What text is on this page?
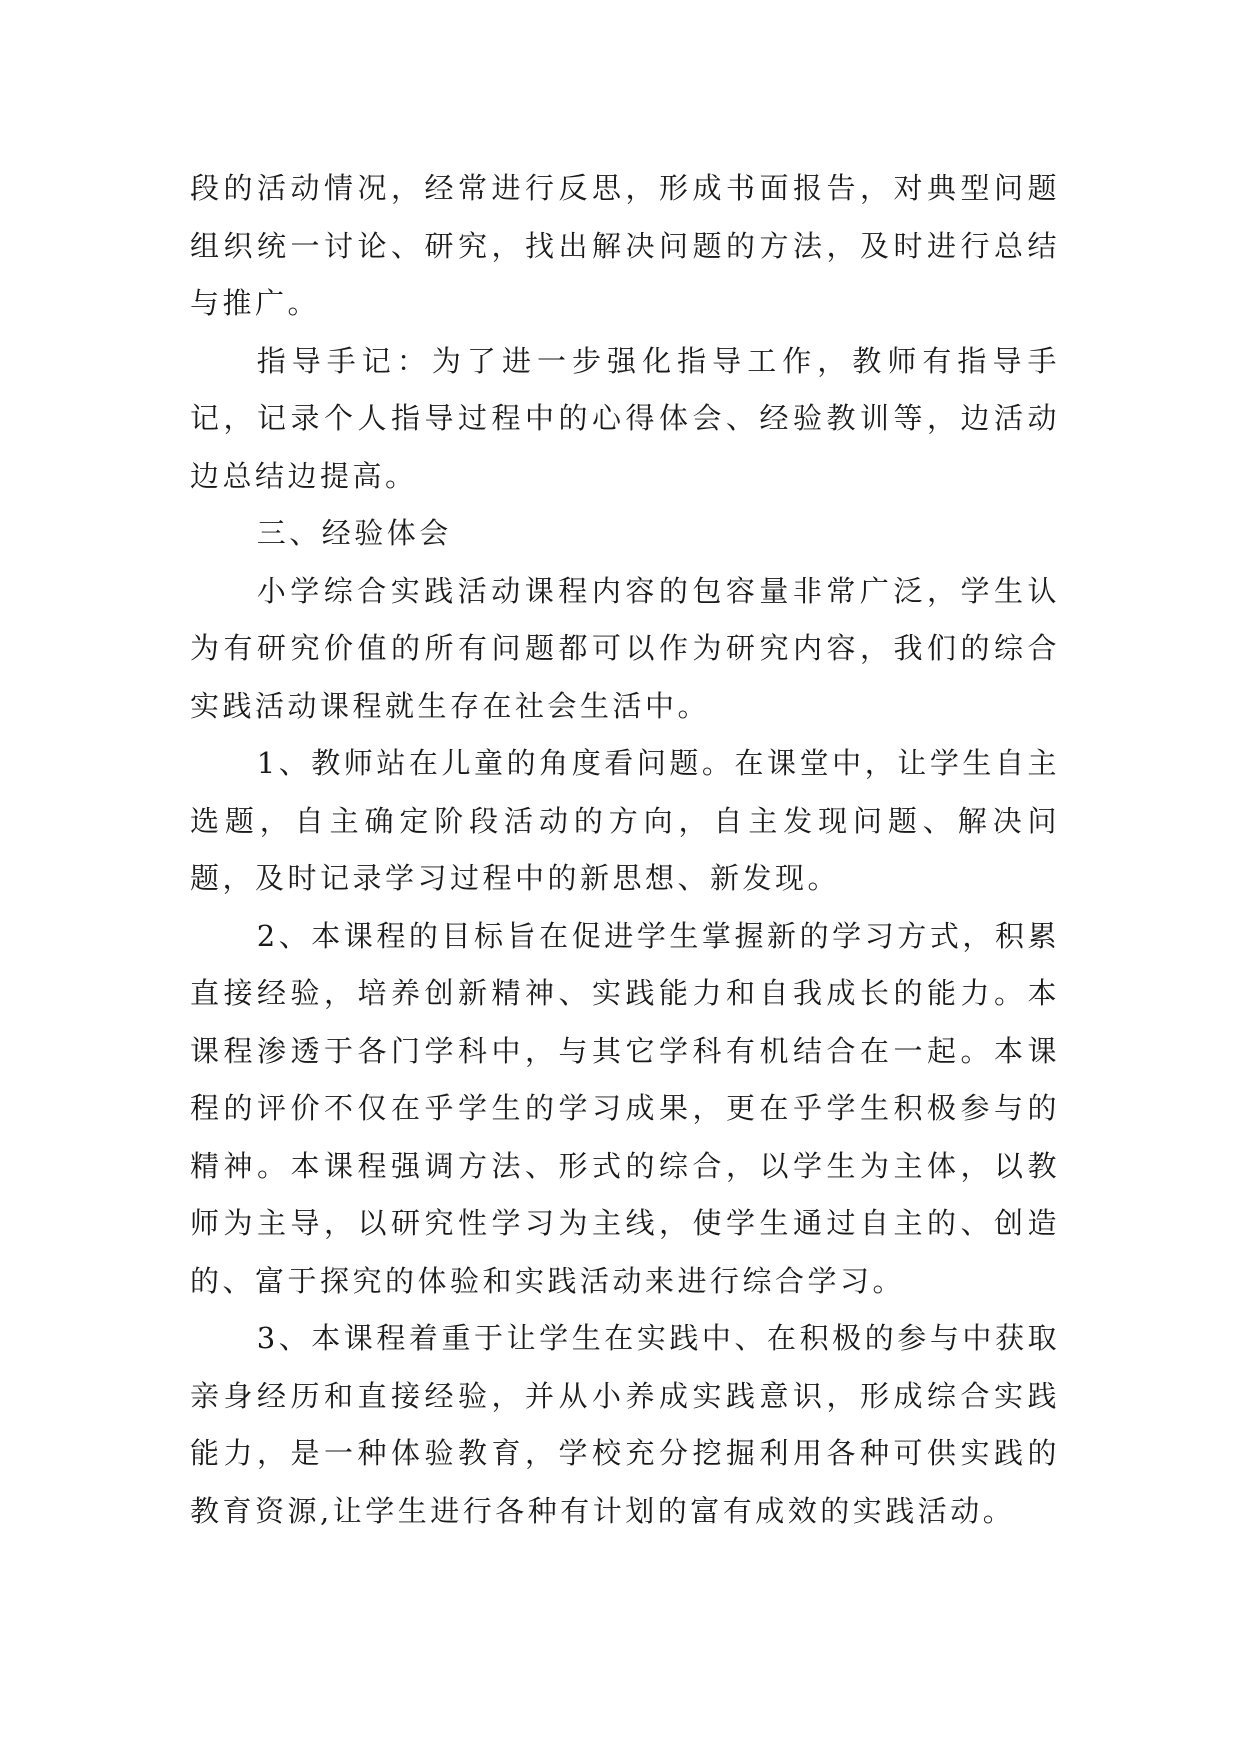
段的活动情况，经常进行反思，形成书面报告，对典型问题组织统一讨论、研究，找出解决问题的方法，及时进行总结与推广。

指导手记：为了进一步强化指导工作，教师有指导手记，记录个人指导过程中的心得体会、经验教训等，边活动边总结边提高。

三、经验体会

小学综合实践活动课程内容的包容量非常广泛，学生认为有研究价值的所有问题都可以作为研究内容，我们的综合实践活动课程就生存在社会生活中。

1、教师站在儿童的角度看问题。在课堂中，让学生自主选题，自主确定阶段活动的方向，自主发现问题、解决问题，及时记录学习过程中的新思想、新发现。

2、本课程的目标旨在促进学生掌握新的学习方式，积累直接经验，培养创新精神、实践能力和自我成长的能力。本课程渗透于各门学科中，与其它学科有机结合在一起。本课程的评价不仅在乎学生的学习成果，更在乎学生积极参与的精神。本课程强调方法、形式的综合，以学生为主体，以教师为主导，以研究性学习为主线，使学生通过自主的、创造的、富于探究的体验和实践活动来进行综合学习。

3、本课程着重于让学生在实践中、在积极的参与中获取亲身经历和直接经验，并从小养成实践意识，形成综合实践能力，是一种体验教育，学校充分挖掘利用各种可供实践的教育资源,让学生进行各种有计划的富有成效的实践活动。
